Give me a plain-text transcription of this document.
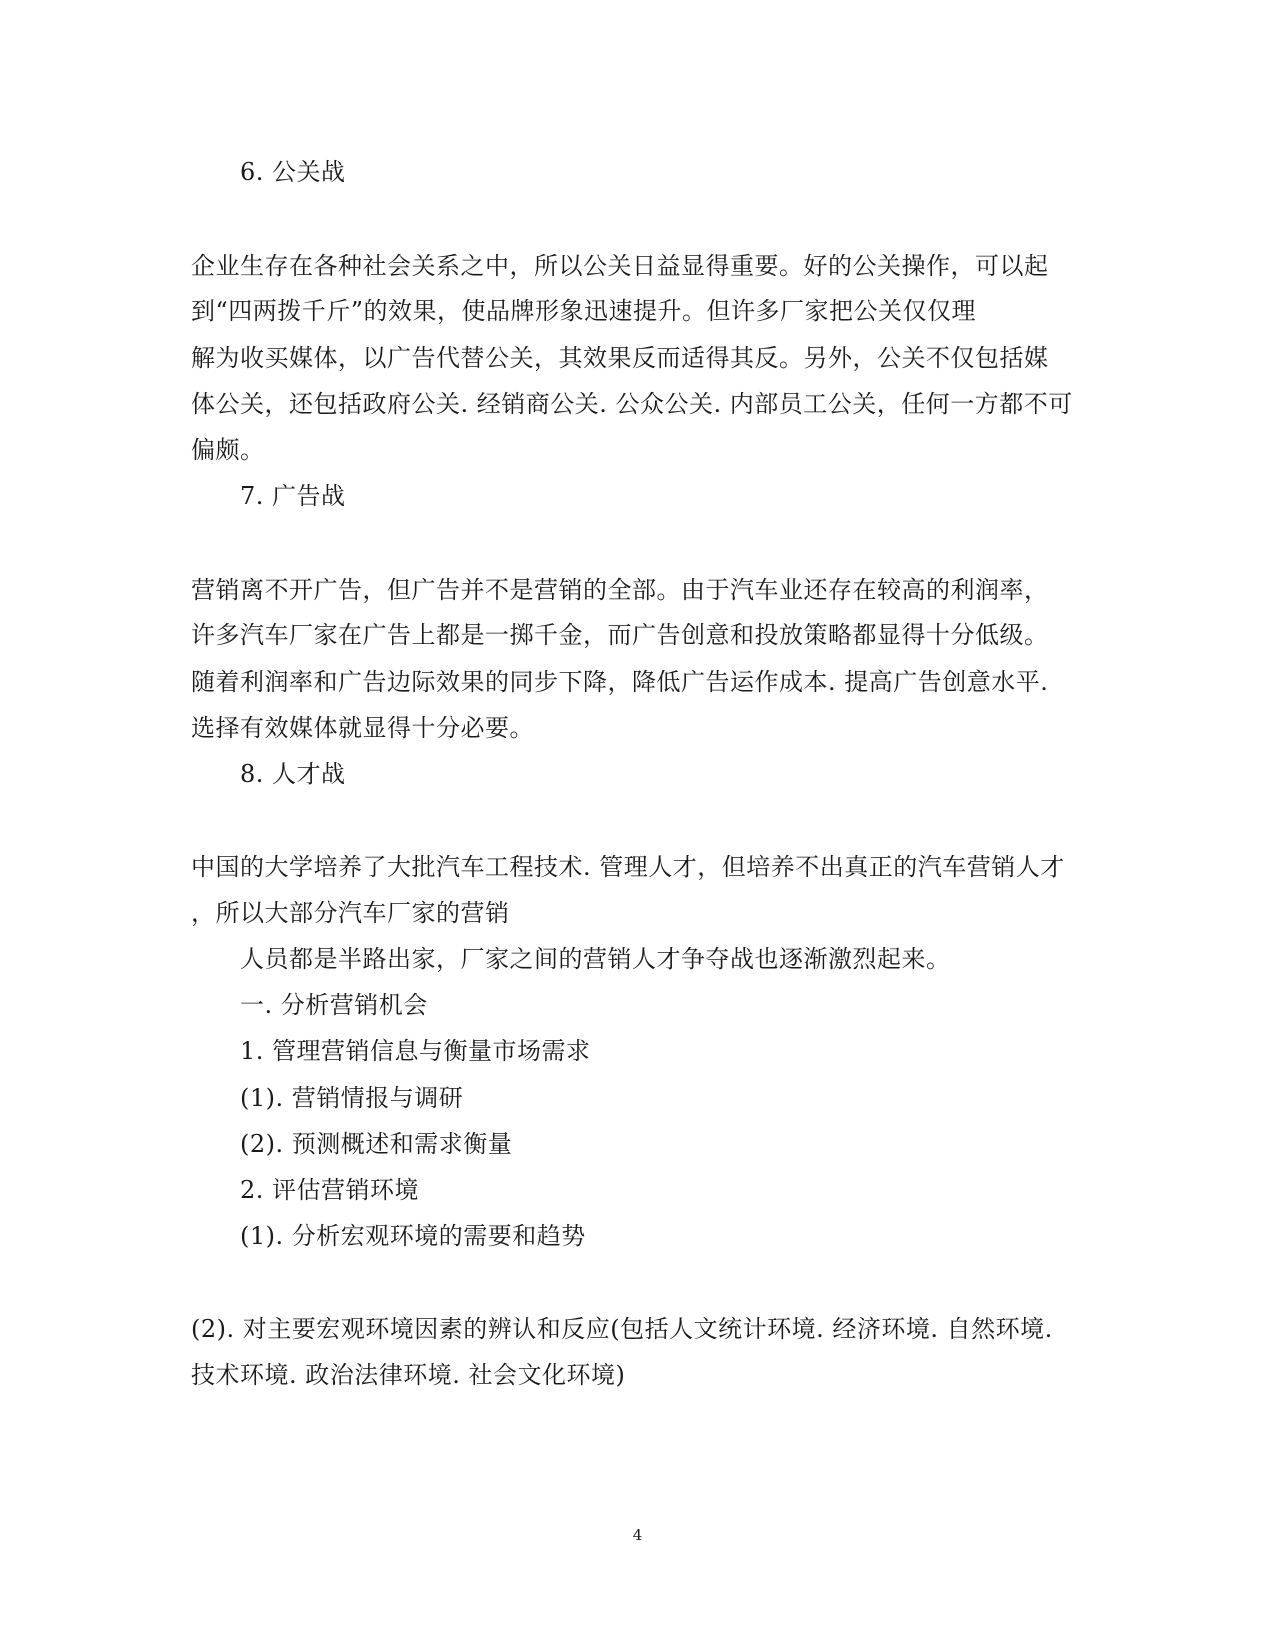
6. 公关战
企业生存在各种社会关系之中，所以公关日益显得重要。好的公关操作，可以起
到“四两拨千斤”的效果，使品牌形象迅速提升。但许多厂家把公关仅仅理
解为收买媒体，以广告代替公关，其效果反而适得其反。另外，公关不仅包括媒
体公关，还包括政府公关. 经销商公关. 公众公关. 内部员工公关，任何一方都不可
偏颇。
7. 广告战
营销离不开广告，但广告并不是营销的全部。由于汽车业还存在较高的利润率，
许多汽车厂家在广告上都是一掷千金，而广告创意和投放策略都显得十分低级。
随着利润率和广告边际效果的同步下降，降低广告运作成本. 提高广告创意水平.
选择有效媒体就显得十分必要。
8. 人才战
中国的大学培养了大批汽车工程技术. 管理人才，但培养不出真正的汽车营销人才
，所以大部分汽车厂家的营销
人员都是半路出家，厂家之间的营销人才争夺战也逐渐激烈起来。
一. 分析营销机会
1. 管理营销信息与衡量市场需求
(1). 营销情报与调研
(2). 预测概述和需求衡量
2. 评估营销环境
(1). 分析宏观环境的需要和趋势
(2). 对主要宏观环境因素的辨认和反应(包括人文统计环境. 经济环境. 自然环境.
技术环境. 政治法律环境. 社会文化环境)
4
